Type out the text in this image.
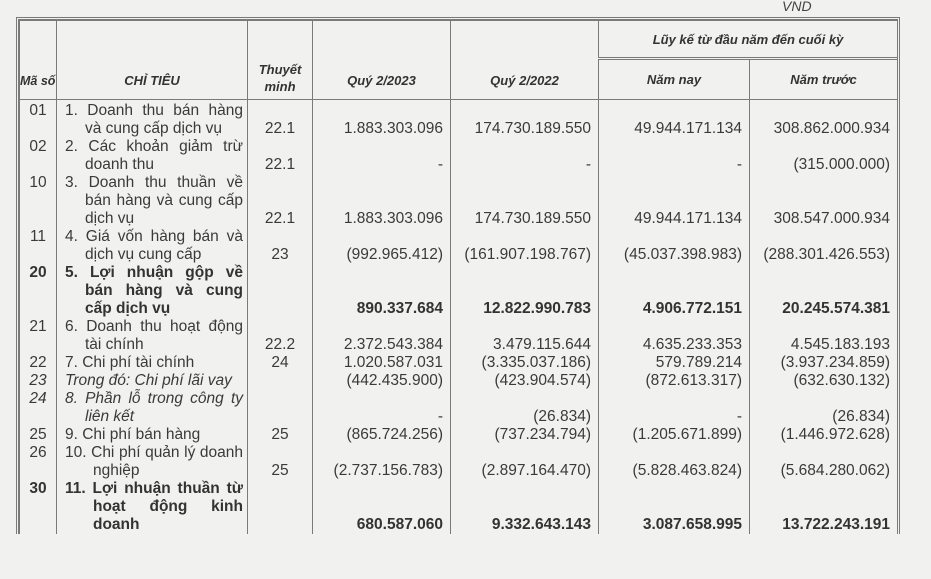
VND
Mã số	CHỈ TIÊU	Thuyết minh	Quý 2/2023	Quý 2/2022	Lũy kế từ đầu năm đến cuối kỳ	
					Năm nay	Năm trước
01	1. Doanh thu bán hàng và cung cấp dịch vụ	22.1	1.883.303.096	174.730.189.550	49.944.171.134	308.862.000.934
02	2. Các khoản giảm trừ doanh thu	22.1	-	-	-	(315.000.000)
10	3. Doanh thu thuần về bán hàng và cung cấp dịch vụ	22.1	1.883.303.096	174.730.189.550	49.944.171.134	308.547.000.934
11	4. Giá vốn hàng bán và dịch vụ cung cấp	23	(992.965.412)	(161.907.198.767)	(45.037.398.983)	(288.301.426.553)
20	5. Lợi nhuận gộp về bán hàng và cung cấp dịch vụ		890.337.684	12.822.990.783	4.906.772.151	20.245.574.381
21	6. Doanh thu hoạt động tài chính	22.2	2.372.543.384	3.479.115.644	4.635.233.353	4.545.183.193
22	7. Chi phí tài chính	24	1.020.587.031	(3.335.037.186)	579.789.214	(3.937.234.859)
23	Trong đó: Chi phí lãi vay		(442.435.900)	(423.904.574)	(872.613.317)	(632.630.132)
24	8. Phần lỗ trong công ty liên kết		-	(26.834)	-	(26.834)
25	9. Chi phí bán hàng	25	(865.724.256)	(737.234.794)	(1.205.671.899)	(1.446.972.628)
26	10. Chi phí quản lý doanh nghiệp	25	(2.737.156.783)	(2.897.164.470)	(5.828.463.824)	(5.684.280.062)
30	11. Lợi nhuận thuần từ hoạt động kinh doanh		680.587.060	9.332.643.143	3.087.658.995	13.722.243.191
